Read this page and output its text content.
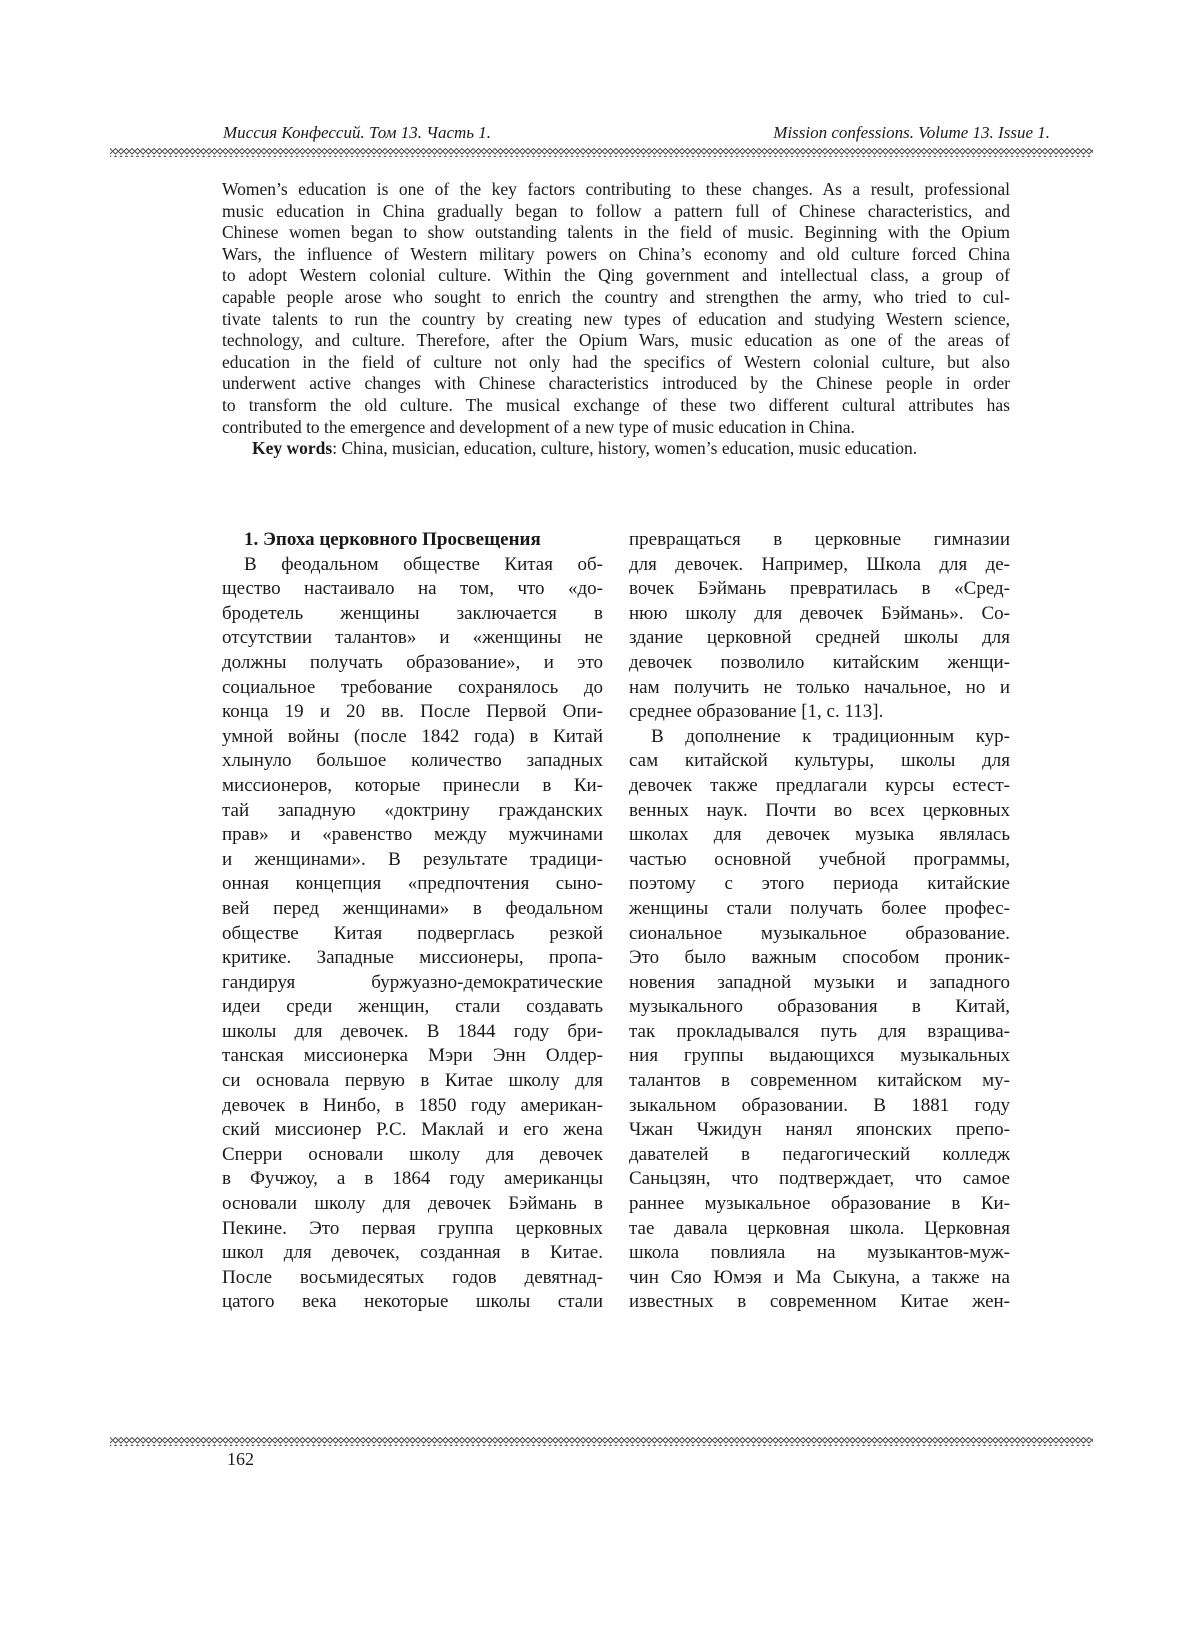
Миссия Конфессий. Том 13. Часть 1.	Mission confessions. Volume 13. Issue 1.
Women’s education is one of the key factors contributing to these changes. As a result, professional
music education in China gradually began to follow a pattern full of Chinese characteristics, and
Chinese women began to show outstanding talents in the field of music. Beginning with the Opium
Wars, the influence of Western military powers on China’s economy and old culture forced China
to adopt Western colonial culture. Within the Qing government and intellectual class, a group of
capable people arose who sought to enrich the country and strengthen the army, who tried to cul-
tivate talents to run the country by creating new types of education and studying Western science,
technology, and culture. Therefore, after the Opium Wars, music education as one of the areas of
education in the field of culture not only had the specifics of Western colonial culture, but also
underwent active changes with Chinese characteristics introduced by the Chinese people in order
to transform the old culture. The musical exchange of these two different cultural attributes has
contributed to the emergence and development of a new type of music education in China.

Key words: China, musician, education, culture, history, women’s education, music education.

1. Эпоха церковного Просвещения
В феодальном обществе Китая об-
щество настаивало на том, что «до-
бродетель женщины заключается в
отсутствии талантов» и «женщины не
должны получать образование», и это
социальное требование сохранялось до
конца 19 и 20 вв. После Первой Опи-
умной войны (после 1842 года) в Китай
хлынуло большое количество западных
миссионеров, которые принесли в Ки-
тай западную «доктрину гражданских
прав» и «равенство между мужчинами
и женщинами». В результате традици-
онная концепция «предпочтения сыно-
вей перед женщинами» в феодальном
обществе Китая подверглась резкой
критике. Западные миссионеры, пропа-
гандируя буржуазно-демократические
идеи среди женщин, стали создавать
школы для девочек. В 1844 году бри-
танская миссионерка Мэри Энн Олдер-
си основала первую в Китае школу для
девочек в Нинбо, в 1850 году американ-
ский миссионер Р.С. Маклай и его жена
Сперри основали школу для девочек
в Фучжоу, а в 1864 году американцы
основали школу для девочек Бэймань в
Пекине. Это первая группа церковных
школ для девочек, созданная в Китае.
После восьмидесятых годов девятнад-
цатого века некоторые школы стали
превращаться в церковные гимназии
для девочек. Например, Школа для де-
вочек Бэймань превратилась в «Сред-
нюю школу для девочек Бэймань». Со-
здание церковной средней школы для
девочек позволило китайским женщи-
нам получить не только начальное, но и
среднее образование [1, с. 113].
В дополнение к традиционным кур-
сам китайской культуры, школы для
девочек также предлагали курсы естест-
венных наук. Почти во всех церковных
школах для девочек музыка являлась
частью основной учебной программы,
поэтому с этого периода китайские
женщины стали получать более профес-
сиональное музыкальное образование.
Это было важным способом проник-
новения западной музыки и западного
музыкального образования в Китай,
так прокладывался путь для взращива-
ния группы выдающихся музыкальных
талантов в современном китайском му-
зыкальном образовании. В 1881 году
Чжан Чжидун нанял японских препо-
давателей в педагогический колледж
Саньцзян, что подтверждает, что самое
раннее музыкальное образование в Ки-
тае давала церковная школа. Церковная
школа повлияла на музыкантов-муж-
чин Сяо Юмэя и Ма Сыкуна, а также на
известных в современном Китае жен-
162
